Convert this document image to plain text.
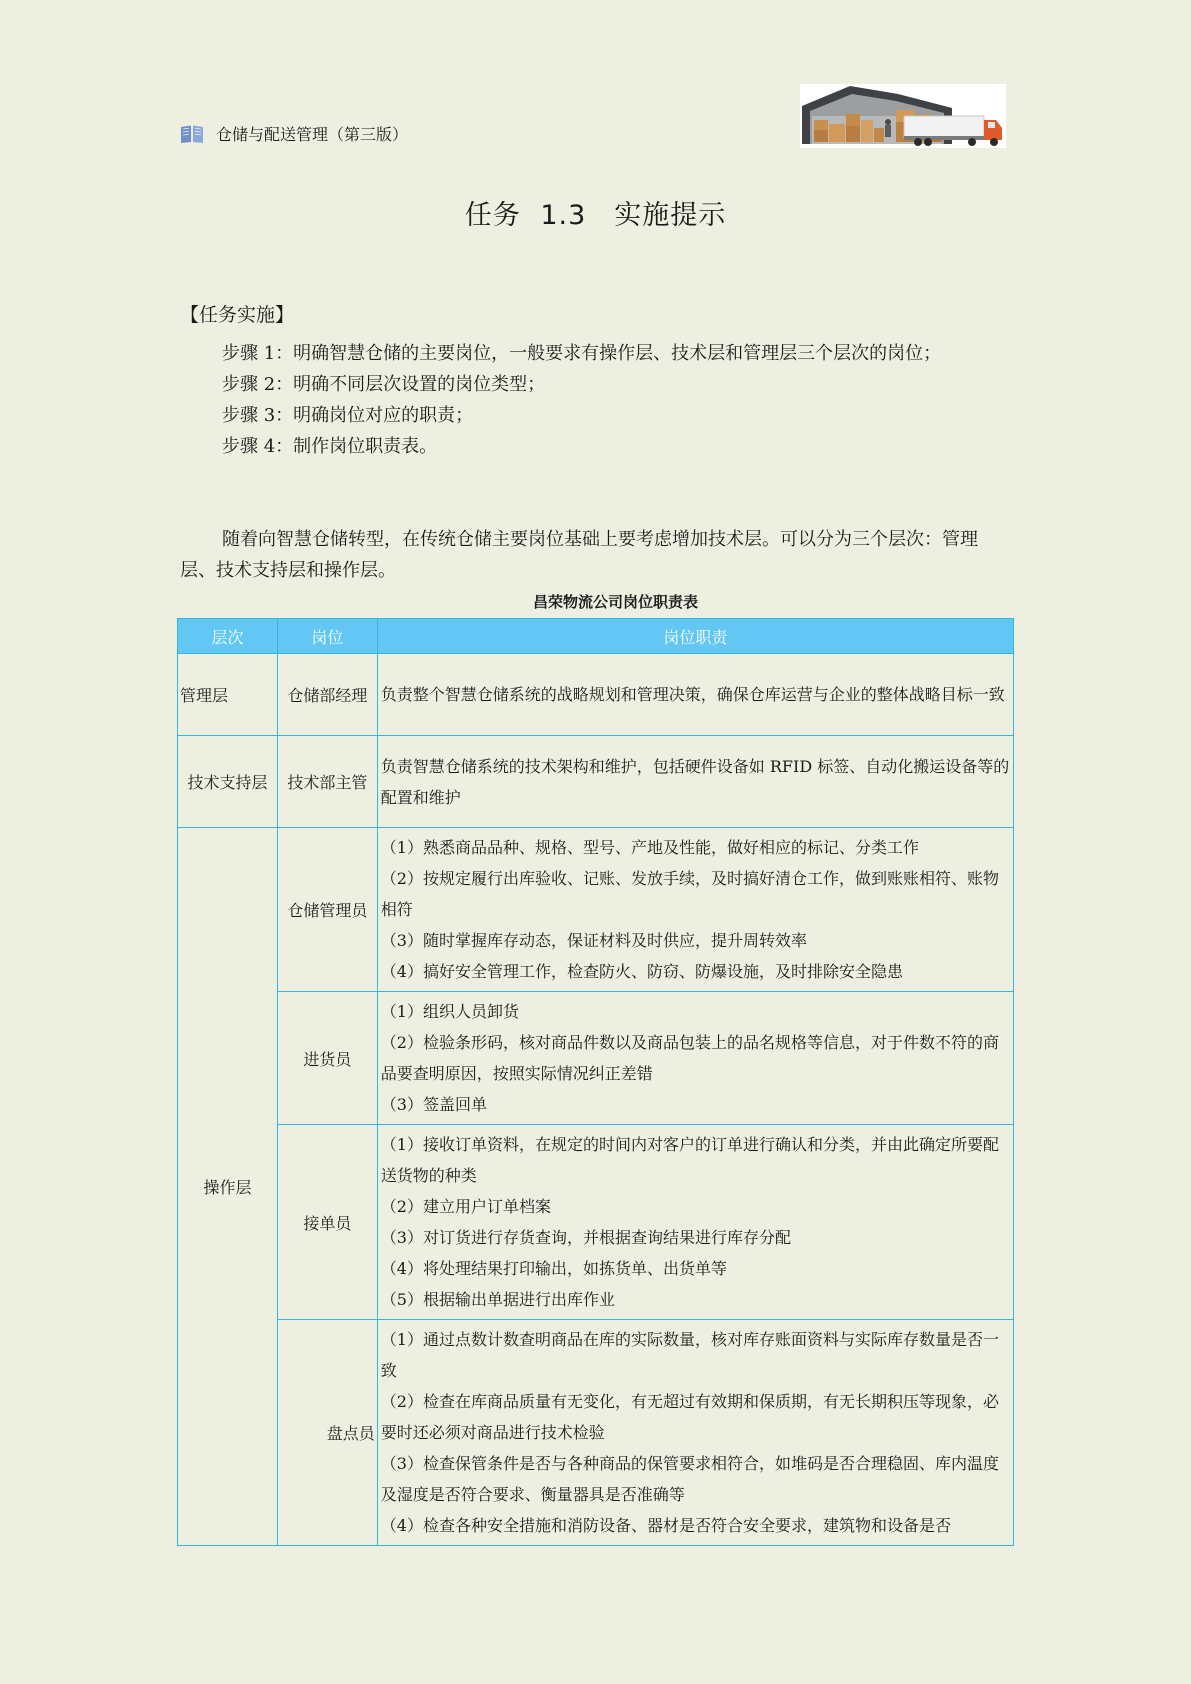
仓储与配送管理（第三版）
任务 1.3　实施提示
【任务实施】

步骤 1：明确智慧仓储的主要岗位，一般要求有操作层、技术层和管理层三个层次的岗位；

步骤 2：明确不同层次设置的岗位类型；

步骤 3：明确岗位对应的职责；

步骤 4：制作岗位职责表。

随着向智慧仓储转型，在传统仓储主要岗位基础上要考虑增加技术层。可以分为三个层次：管理层、技术支持层和操作层。

昌荣物流公司岗位职责表
层次	岗位	岗位职责
管理层	仓储部经理	负责整个智慧仓储系统的战略规划和管理决策，确保仓库运营与企业的整体战略目标一致

技术支持层	技术部主管	负责智慧仓储系统的技术架构和维护，包括硬件设备如 RFID 标签、自动化搬运设备等的配置和维护

操作层	仓储管理员	（1）熟悉商品品种、规格、型号、产地及性能，做好相应的标记、分类工作
（2）按规定履行出库验收、记账、发放手续，及时搞好清仓工作，做到账账相符、账物相符
（3）随时掌握库存动态，保证材料及时供应，提升周转效率
（4）搞好安全管理工作，检查防火、防窃、防爆设施，及时排除安全隐患

	进货员	（1）组织人员卸货
（2）检验条形码，核对商品件数以及商品包装上的品名规格等信息，对于件数不符的商品要查明原因，按照实际情况纠正差错
（3）签盖回单

	接单员	（1）接收订单资料，在规定的时间内对客户的订单进行确认和分类，并由此确定所要配送货物的种类
（2）建立用户订单档案
（3）对订货进行存货查询，并根据查询结果进行库存分配
（4）将处理结果打印输出，如拣货单、出货单等
（5）根据输出单据进行出库作业

	盘点员	（1）通过点数计数查明商品在库的实际数量，核对库存账面资料与实际库存数量是否一致
（2）检查在库商品质量有无变化，有无超过有效期和保质期，有无长期积压等现象，必要时还必须对商品进行技术检验
（3）检查保管条件是否与各种商品的保管要求相符合，如堆码是否合理稳固、库内温度及湿度是否符合要求、衡量器具是否准确等
（4）检查各种安全措施和消防设备、器材是否符合安全要求，建筑物和设备是否
